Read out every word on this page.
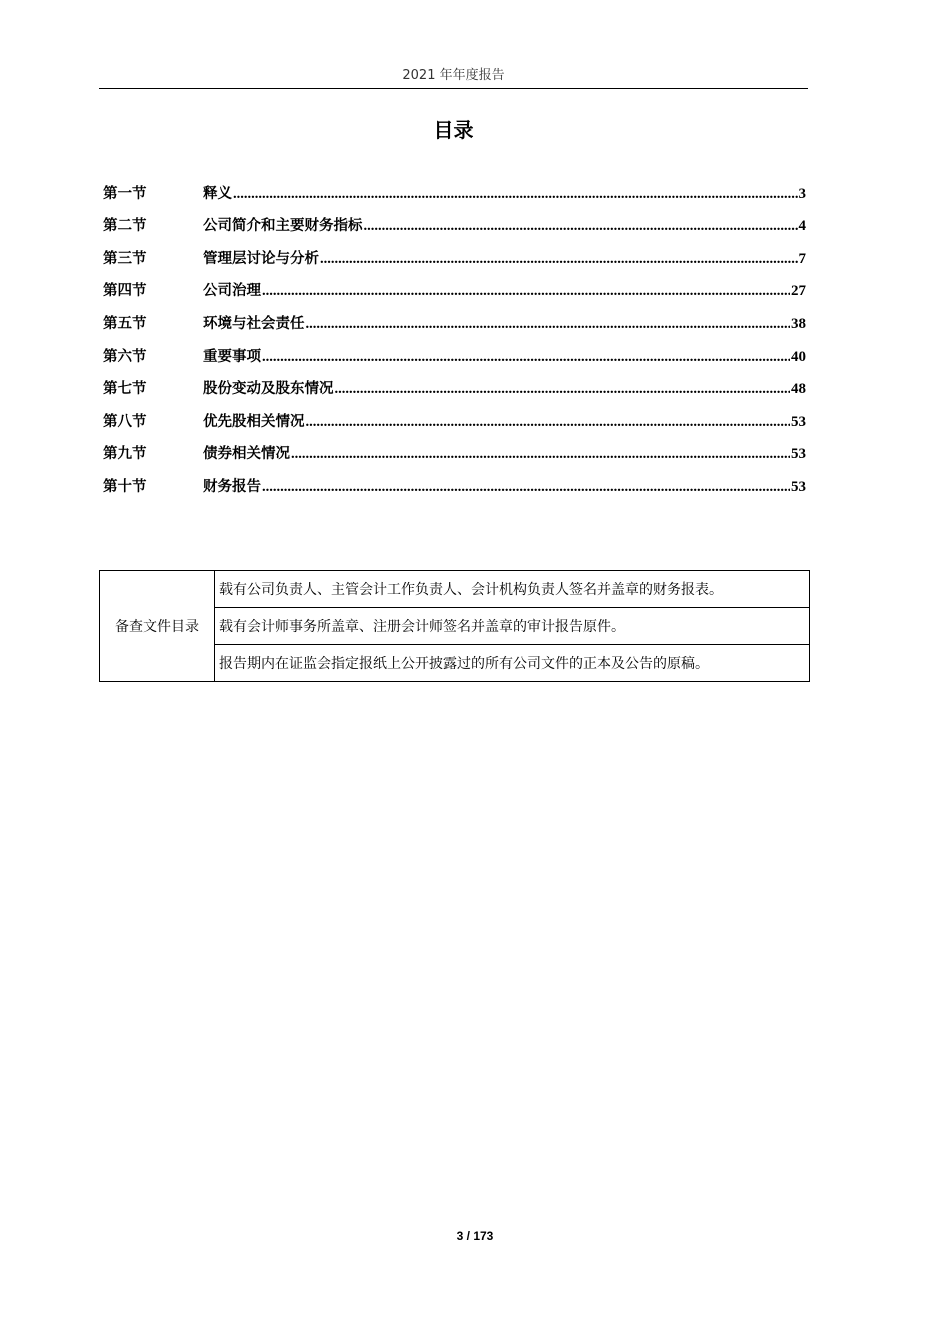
2021 年年度报告
目录
第一节	释义 .....	3
第二节	公司简介和主要财务指标 .....	4
第三节	管理层讨论与分析 .....	7
第四节	公司治理 .....	27
第五节	环境与社会责任 .....	38
第六节	重要事项 .....	40
第七节	股份变动及股东情况 .....	48
第八节	优先股相关情况 .....	53
第九节	债券相关情况 .....	53
第十节	财务报告 .....	53
备查文件目录	载有公司负责人、主管会计工作负责人、会计机构负责人签名并盖章的财务报表。
载有会计师事务所盖章、注册会计师签名并盖章的审计报告原件。
报告期内在证监会指定报纸上公开披露过的所有公司文件的正本及公告的原稿。
3 / 173
